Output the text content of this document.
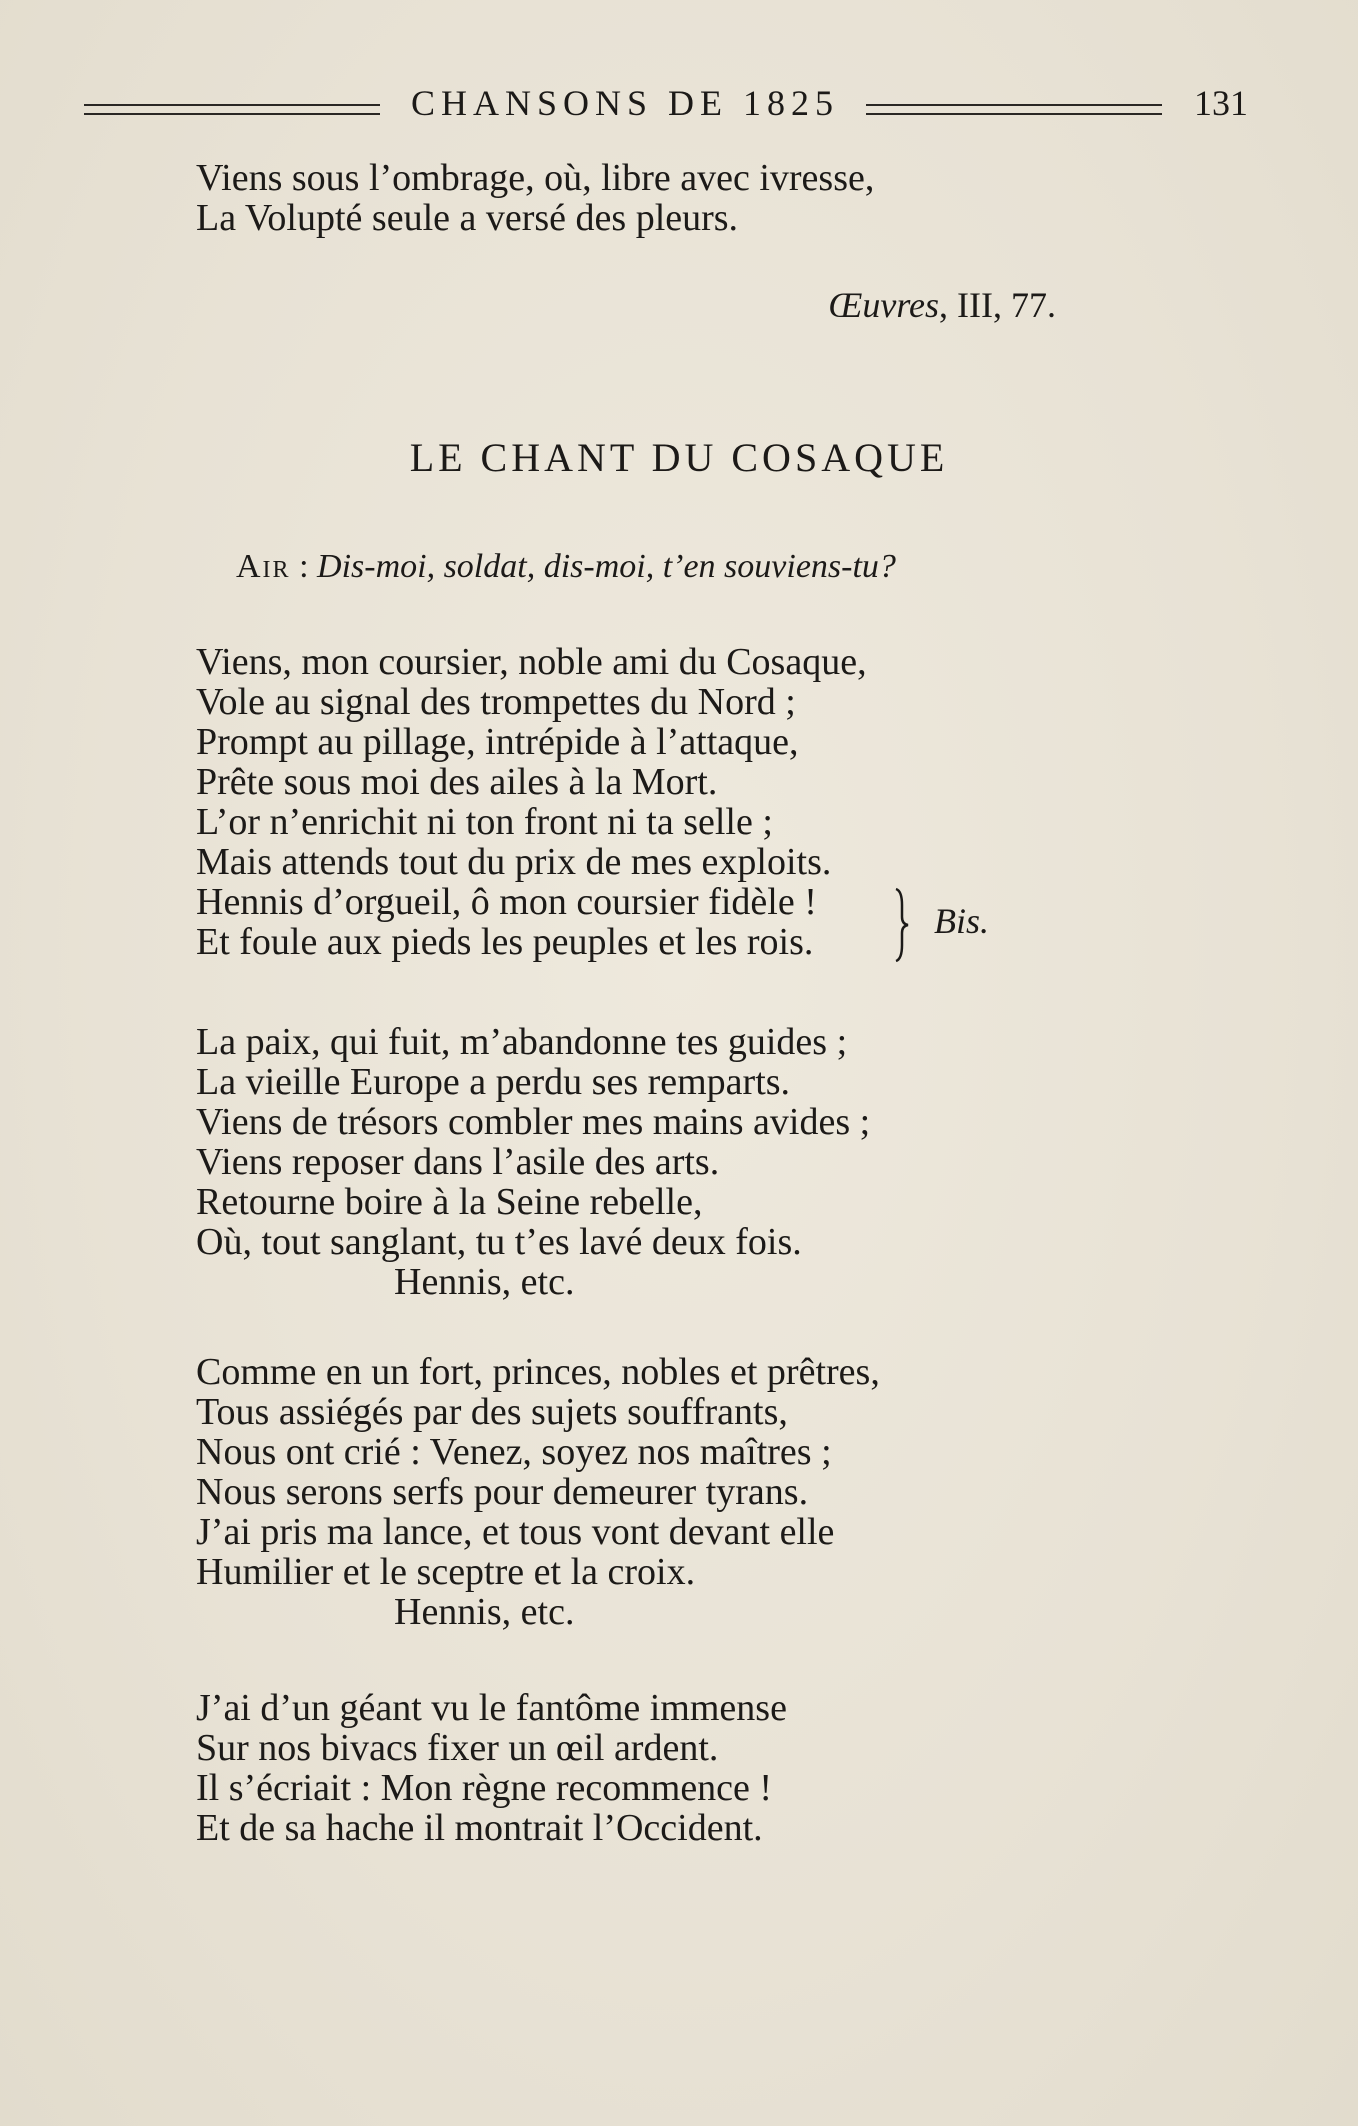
CHANSONS DE 1825	131
Viens sous l’ombrage, où, libre avec ivresse,
La Volupté seule a versé des pleurs.
Œuvres, III, 77.
LE CHANT DU COSAQUE
Air : Dis-moi, soldat, dis-moi, t’en souviens-tu?
Viens, mon coursier, noble ami du Cosaque,
Vole au signal des trompettes du Nord ;
Prompt au pillage, intrépide à l’attaque,
Prête sous moi des ailes à la Mort.
L’or n’enrichit ni ton front ni ta selle ;
Mais attends tout du prix de mes exploits.
Hennis d’orgueil, ô mon coursier fidèle !
Et foule aux pieds les peuples et les rois.	Bis.
La paix, qui fuit, m’abandonne tes guides ;
La vieille Europe a perdu ses remparts.
Viens de trésors combler mes mains avides ;
Viens reposer dans l’asile des arts.
Retourne boire à la Seine rebelle,
Où, tout sanglant, tu t’es lavé deux fois.
Hennis, etc.
Comme en un fort, princes, nobles et prêtres,
Tous assiégés par des sujets souffrants,
Nous ont crié : Venez, soyez nos maîtres ;
Nous serons serfs pour demeurer tyrans.
J’ai pris ma lance, et tous vont devant elle
Humilier et le sceptre et la croix.
Hennis, etc.
J’ai d’un géant vu le fantôme immense
Sur nos bivacs fixer un œil ardent.
Il s’écriait : Mon règne recommence !
Et de sa hache il montrait l’Occident.
